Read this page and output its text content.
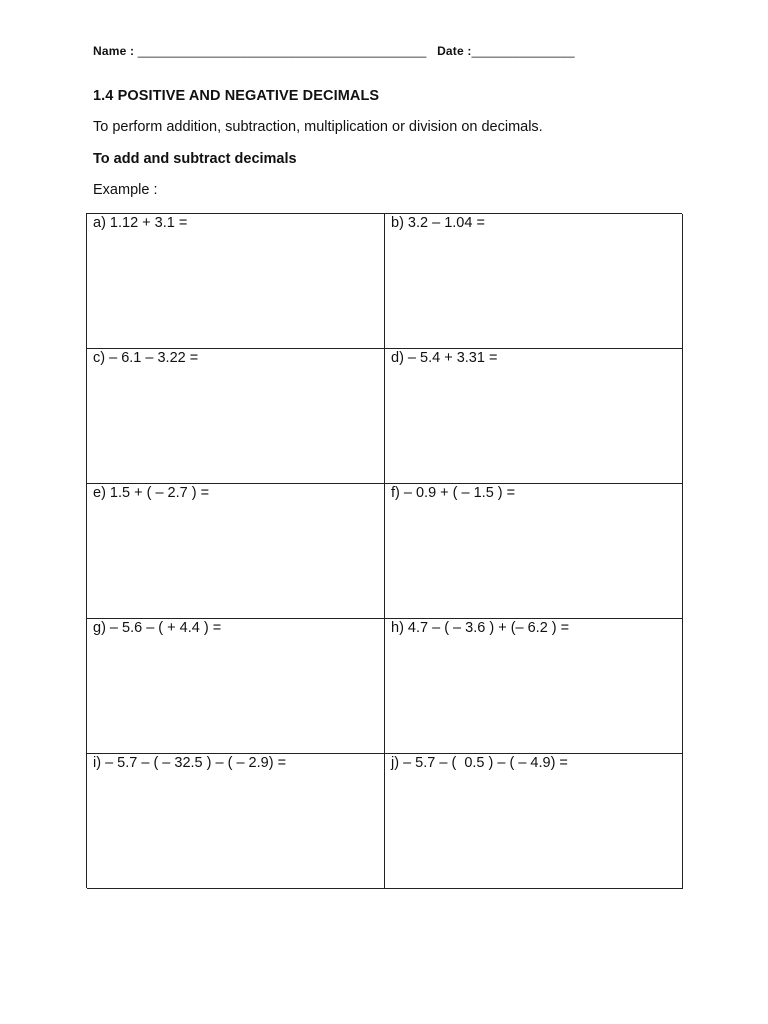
Name : __________________________________________ Date :_______________
1.4 POSITIVE AND NEGATIVE DECIMALS
To perform addition, subtraction, multiplication or division on decimals.
To add and subtract decimals
Example :
a) 1.12 + 3.1 =	b) 3.2 – 1.04 =
c) – 6.1 – 3.22 =	d) – 5.4 + 3.31 =
e) 1.5 + ( – 2.7 ) =	f) – 0.9 + ( – 1.5 ) =
g) – 5.6 – ( + 4.4 ) =	h) 4.7 – ( – 3.6 ) + (– 6.2 ) =
i) – 5.7 – ( – 32.5 ) – ( – 2.9) =	j) – 5.7 – (  0.5 ) – ( – 4.9) =
